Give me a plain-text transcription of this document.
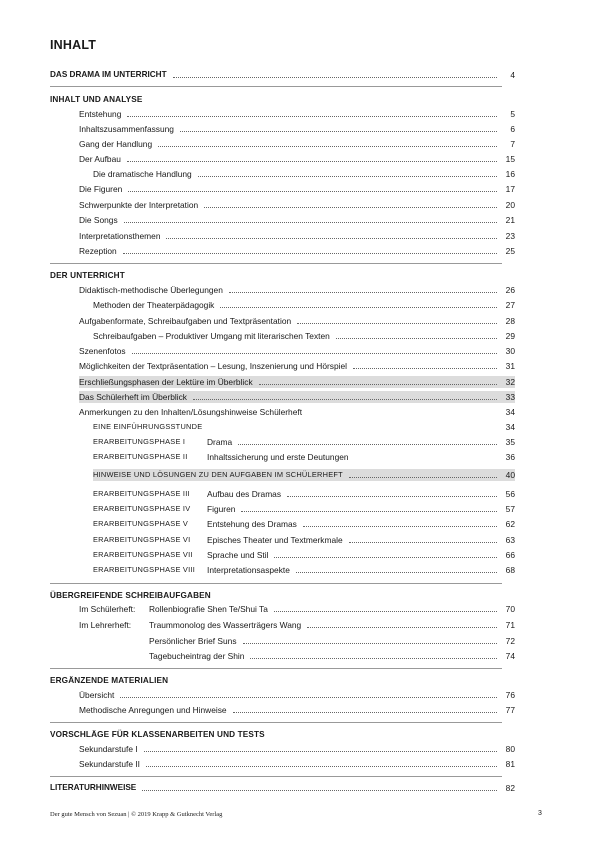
INHALT
DAS DRAMA IM UNTERRICHT	4
INHALT UND ANALYSE
Entstehung	5
Inhaltszusammenfassung	6
Gang der Handlung	7
Der Aufbau	15
Die dramatische Handlung	16
Die Figuren	17
Schwerpunkte der Interpretation	20
Die Songs	21
Interpretationsthemen	23
Rezeption	25
DER UNTERRICHT
Didaktisch-methodische Überlegungen	26
Methoden der Theaterpädagogik	27
Aufgabenformate, Schreibaufgaben und Textpräsentation	28
Schreibaufgaben – Produktiver Umgang mit literarischen Texten	29
Szenenfotos	30
Möglichkeiten der Textpräsentation – Lesung, Inszenierung und Hörspiel	31
Erschließungsphasen der Lektüre im Überblick	32
Das Schülerheft im Überblick	33
Anmerkungen zu den Inhalten/Lösungshinweise Schülerheft	34
EINE EINFÜHRUNGSSTUNDE	34
ERARBEITUNGSPHASE I	Drama	35
ERARBEITUNGSPHASE II	Inhaltssicherung und erste Deutungen	36
HINWEISE UND LÖSUNGEN ZU DEN AUFGABEN IM SCHÜLERHEFT	40
ERARBEITUNGSPHASE III	Aufbau des Dramas	56
ERARBEITUNGSPHASE IV	Figuren	57
ERARBEITUNGSPHASE V	Entstehung des Dramas	62
ERARBEITUNGSPHASE VI	Episches Theater und Textmerkmale	63
ERARBEITUNGSPHASE VII	Sprache und Stil	66
ERARBEITUNGSPHASE VIII	Interpretationsaspekte	68
ÜBERGREIFENDE SCHREIBAUFGABEN
Im Schülerheft:	Rollenbiografie Shen Te/Shui Ta	70
Im Lehrerheft:	Traummonolog des Wasserträgers Wang	71
Persönlicher Brief Suns	72
Tagebucheintrag der Shin	74
ERGÄNZENDE MATERIALIEN
Übersicht	76
Methodische Anregungen und Hinweise	77
VORSCHLÄGE FÜR KLASSENARBEITEN UND TESTS
Sekundarstufe I	80
Sekundarstufe II	81
LITERATURHINWEISE	82
Der gute Mensch von Sezuan | © 2019 Krapp & Gutknecht Verlag	3
